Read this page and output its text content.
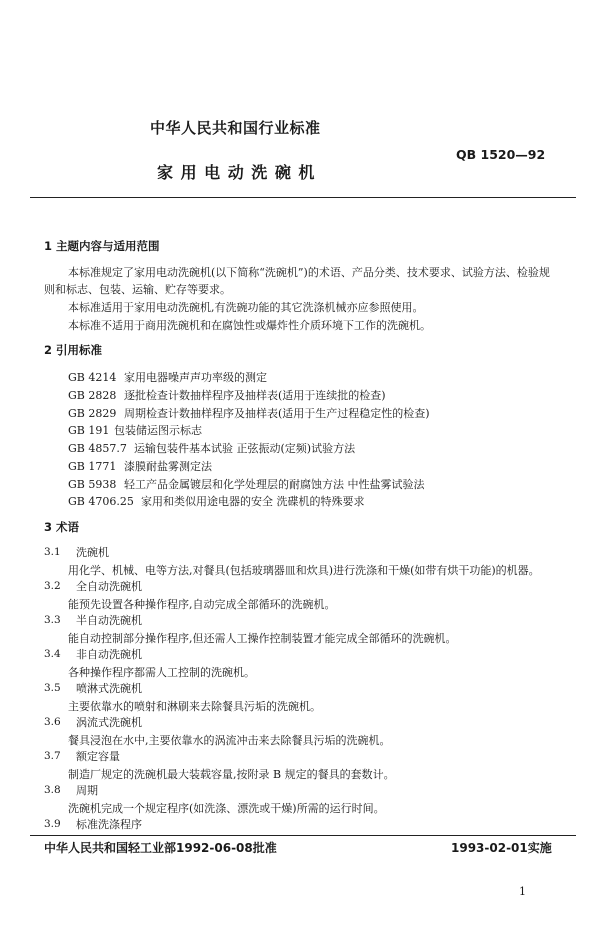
中华人民共和国行业标准
QB 1520—92
家 用 电 动 洗 碗 机
1 主题内容与适用范围
本标准规定了家用电动洗碗机(以下简称“洗碗机”)的术语、产品分类、技术要求、试验方法、检验规
则和标志、包装、运输、贮存等要求。
本标准适用于家用电动洗碗机,有洗碗功能的其它洗涤机械亦应参照使用。
本标准不适用于商用洗碗机和在腐蚀性或爆炸性介质环境下工作的洗碗机。
2 引用标准
GB 4214 家用电器噪声声功率级的测定
GB 2828 逐批检查计数抽样程序及抽样表(适用于连续批的检查)
GB 2829 周期检查计数抽样程序及抽样表(适用于生产过程稳定性的检查)
GB 191 包装储运图示标志
GB 4857.7 运输包装件基本试验 正弦振动(定频)试验方法
GB 1771 漆膜耐盐雾测定法
GB 5938 轻工产品金属镀层和化学处理层的耐腐蚀方法 中性盐雾试验法
GB 4706.25 家用和类似用途电器的安全 洗碟机的特殊要求
3 术语
3.1 洗碗机
用化学、机械、电等方法,对餐具(包括玻璃器皿和炊具)进行洗涤和干燥(如带有烘干功能)的机器。
3.2 全自动洗碗机
能预先设置各种操作程序,自动完成全部循环的洗碗机。
3.3 半自动洗碗机
能自动控制部分操作程序,但还需人工操作控制装置才能完成全部循环的洗碗机。
3.4 非自动洗碗机
各种操作程序都需人工控制的洗碗机。
3.5 喷淋式洗碗机
主要依靠水的喷射和淋刷来去除餐具污垢的洗碗机。
3.6 涡流式洗碗机
餐具浸泡在水中,主要依靠水的涡流冲击来去除餐具污垢的洗碗机。
3.7 额定容量
制造厂规定的洗碗机最大装载容量,按附录 B 规定的餐具的套数计。
3.8 周期
洗碗机完成一个规定程序(如洗涤、漂洗或干燥)所需的运行时间。
3.9 标准洗涤程序
中华人民共和国轻工业部1992-06-08批准	1993-02-01实施
1
